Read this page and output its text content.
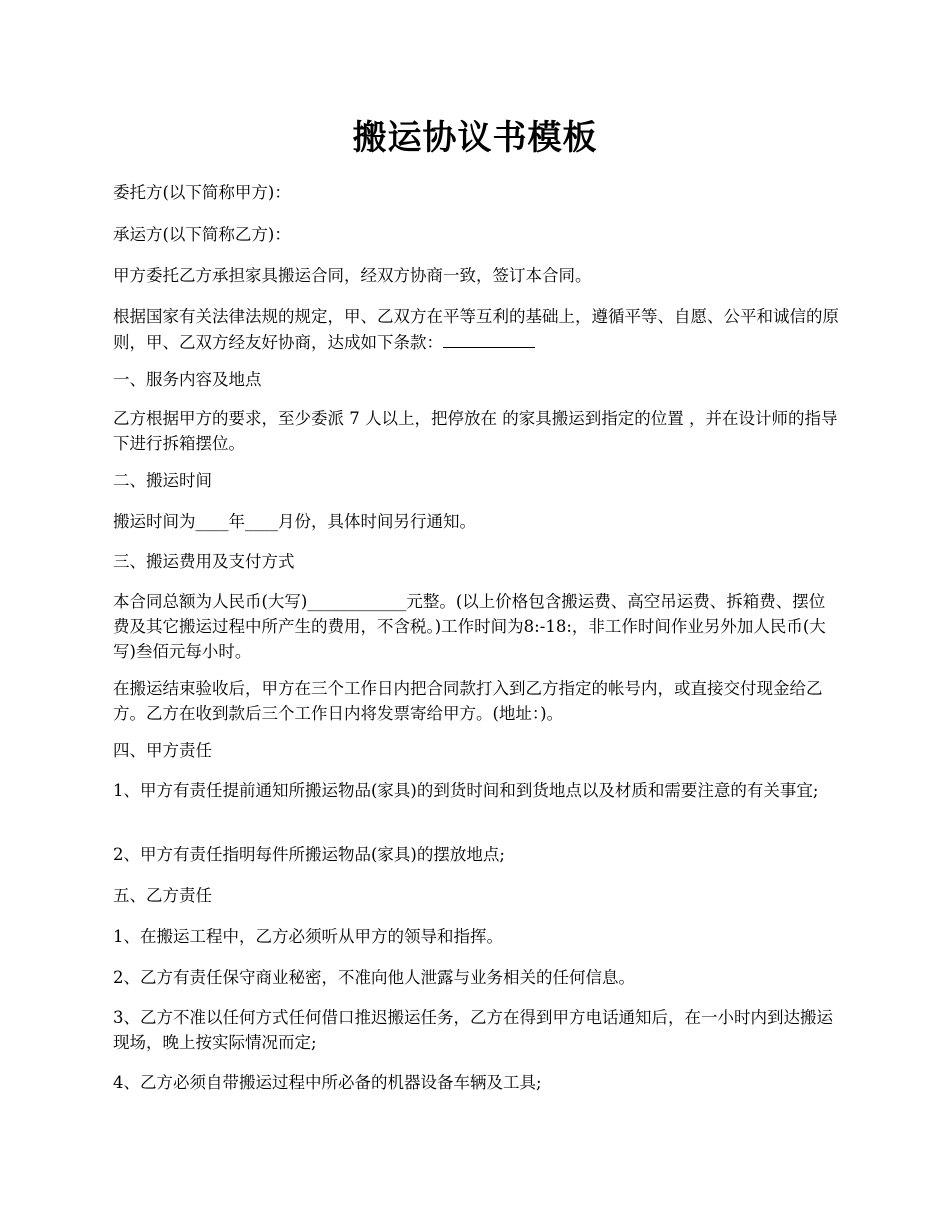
搬运协议书模板

委托方(以下简称甲方)：

承运方(以下简称乙方)：

甲方委托乙方承担家具搬运合同，经双方协商一致，签订本合同。

根据国家有关法律法规的规定，甲、乙双方在平等互利的基础上，遵循平等、自愿、公平和诚信的原则，甲、乙双方经友好协商，达成如下条款：

一、服务内容及地点

乙方根据甲方的要求，至少委派 7 人以上，把停放在 的家具搬运到指定的位置 ，并在设计师的指导下进行拆箱摆位。

二、搬运时间

搬运时间为____年____月份，具体时间另行通知。

三、搬运费用及支付方式

本合同总额为人民币(大写)____________元整。(以上价格包含搬运费、高空吊运费、拆箱费、摆位费及其它搬运过程中所产生的费用，不含税。)工作时间为8:-18:，非工作时间作业另外加人民币(大写)叁佰元每小时。

在搬运结束验收后，甲方在三个工作日内把合同款打入到乙方指定的帐号内，或直接交付现金给乙方。乙方在收到款后三个工作日内将发票寄给甲方。(地址：)。

四、甲方责任

1、甲方有责任提前通知所搬运物品(家具)的到货时间和到货地点以及材质和需要注意的有关事宜;

2、甲方有责任指明每件所搬运物品(家具)的摆放地点;

五、乙方责任

1、在搬运工程中，乙方必须听从甲方的领导和指挥。

2、乙方有责任保守商业秘密，不准向他人泄露与业务相关的任何信息。

3、乙方不准以任何方式任何借口推迟搬运任务，乙方在得到甲方电话通知后，在一小时内到达搬运现场，晚上按实际情况而定;

4、乙方必须自带搬运过程中所必备的机器设备车辆及工具;
